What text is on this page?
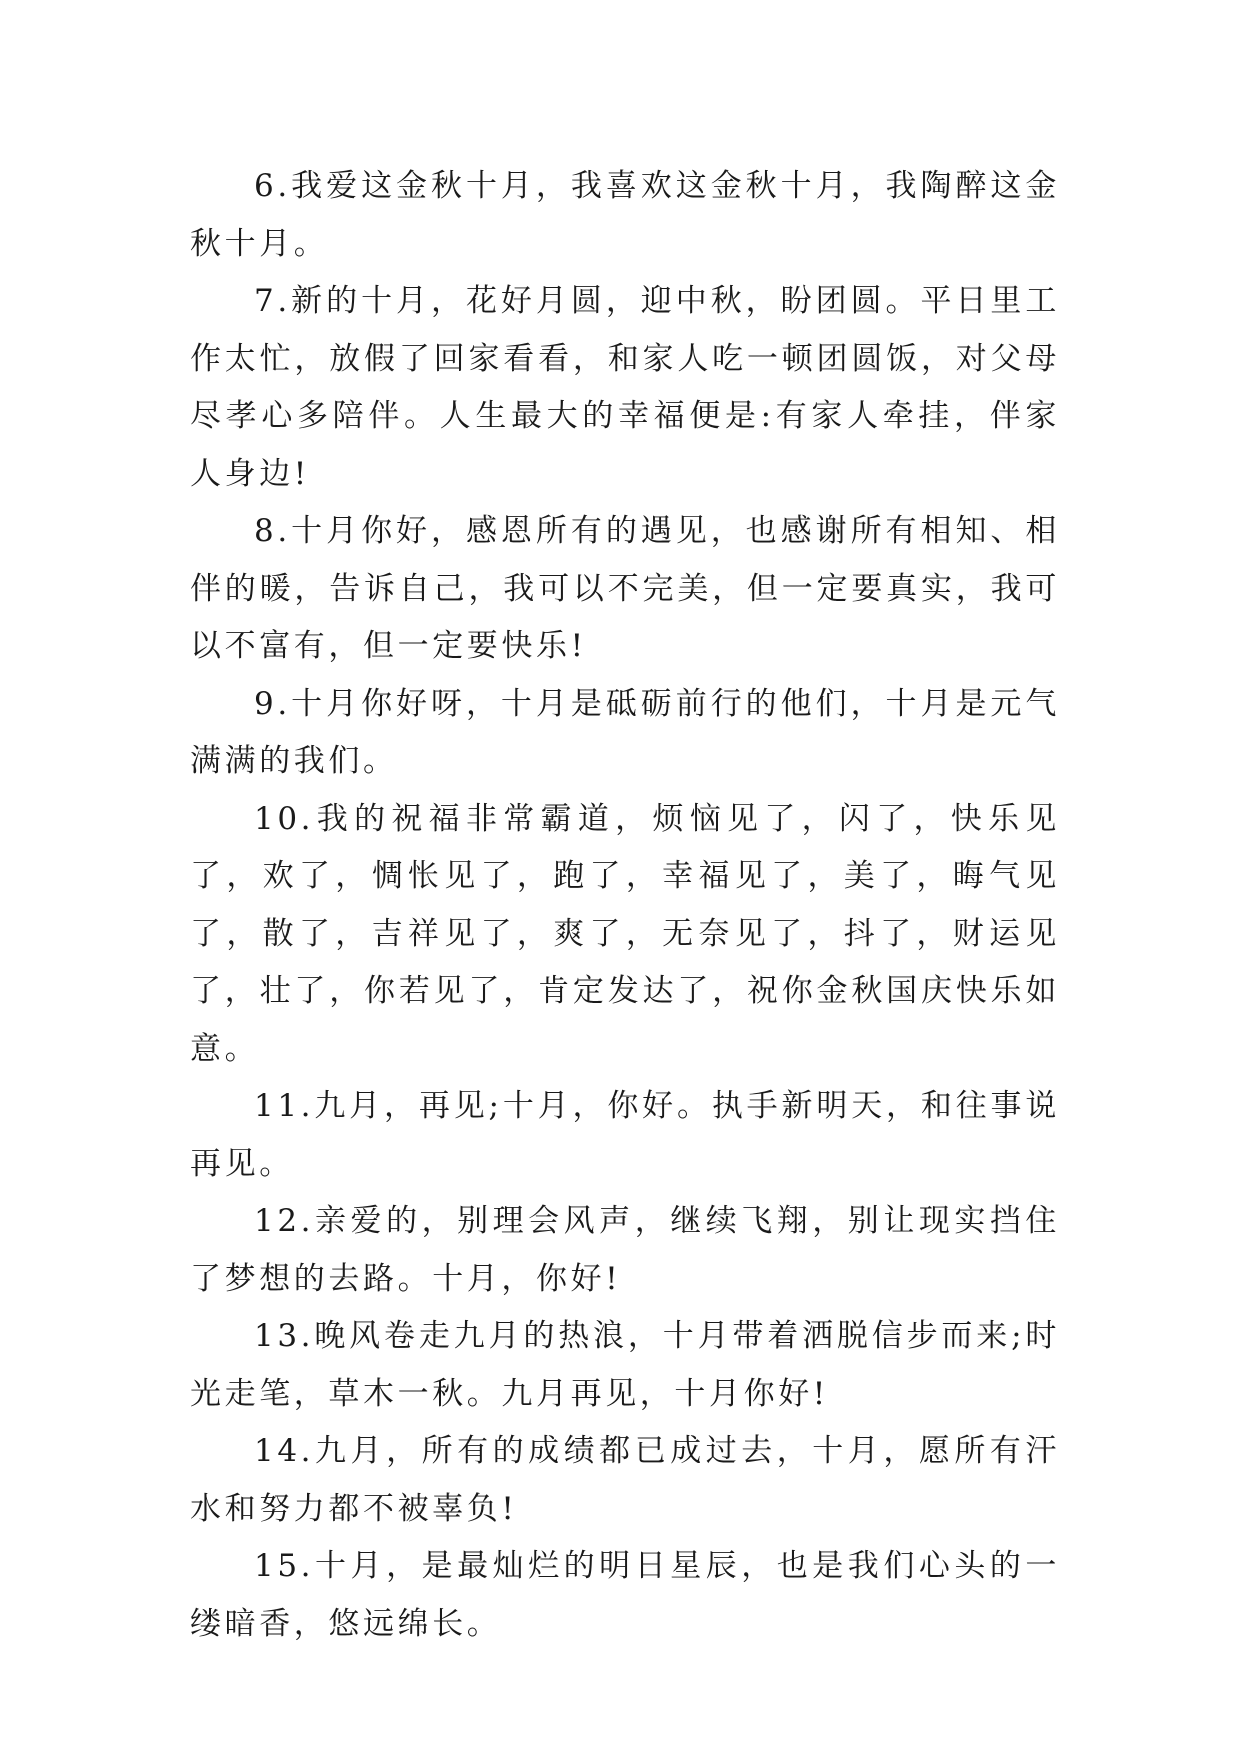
6.我爱这金秋十月，我喜欢这金秋十月，我陶醉这金秋十月。

7.新的十月，花好月圆，迎中秋，盼团圆。平日里工作太忙，放假了回家看看，和家人吃一顿团圆饭，对父母尽孝心多陪伴。人生最大的幸福便是:有家人牵挂，伴家人身边!

8.十月你好，感恩所有的遇见，也感谢所有相知、相伴的暖，告诉自己，我可以不完美，但一定要真实，我可以不富有，但一定要快乐!

9.十月你好呀，十月是砥砺前行的他们，十月是元气满满的我们。

10.我的祝福非常霸道，烦恼见了，闪了，快乐见了，欢了，惆怅见了，跑了，幸福见了，美了，晦气见了，散了，吉祥见了，爽了，无奈见了，抖了，财运见了，壮了，你若见了，肯定发达了，祝你金秋国庆快乐如意。

11.九月，再见;十月，你好。执手新明天，和往事说再见。

12.亲爱的，别理会风声，继续飞翔，别让现实挡住了梦想的去路。十月，你好!

13.晚风卷走九月的热浪，十月带着洒脱信步而来;时光走笔，草木一秋。九月再见，十月你好!

14.九月，所有的成绩都已成过去，十月，愿所有汗水和努力都不被辜负!

15.十月，是最灿烂的明日星辰，也是我们心头的一缕暗香，悠远绵长。
